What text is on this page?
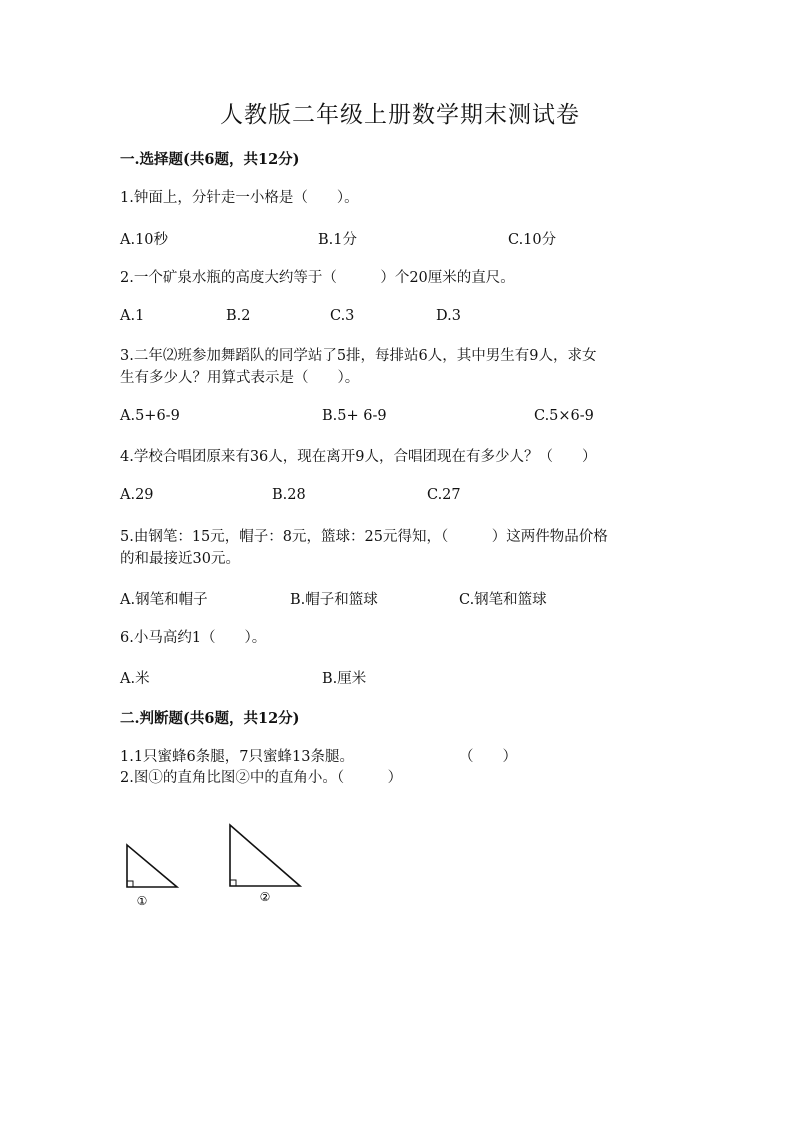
人教版二年级上册数学期末测试卷
一.选择题(共6题，共12分)
1.钟面上，分针走一小格是（　　）。
A.10秒	B.1分	C.10分
2.一个矿泉水瓶的高度大约等于（　　　）个20厘米的直尺。
A.1	B.2	C.3	D.3
3.二年⑵班参加舞蹈队的同学站了5排，每排站6人，其中男生有9人，求女
生有多少人？用算式表示是（　　）。
A.5+6-9	B.5+ 6-9	C.5×6-9
4.学校合唱团原来有36人，现在离开9人，合唱团现在有多少人？（　　）
A.29	B.28	C.27
5.由钢笔：15元，帽子：8元，篮球：25元得知，（　　　）这两件物品价格
的和最接近30元。
A.钢笔和帽子	B.帽子和篮球	C.钢笔和篮球
6.小马高约1（　　）。
A.米	B.厘米
二.判断题(共6题，共12分)
1.1只蜜蜂6条腿，7只蜜蜂13条腿。	（　　）
2.图①的直角比图②中的直角小。（　　　）
①	②
